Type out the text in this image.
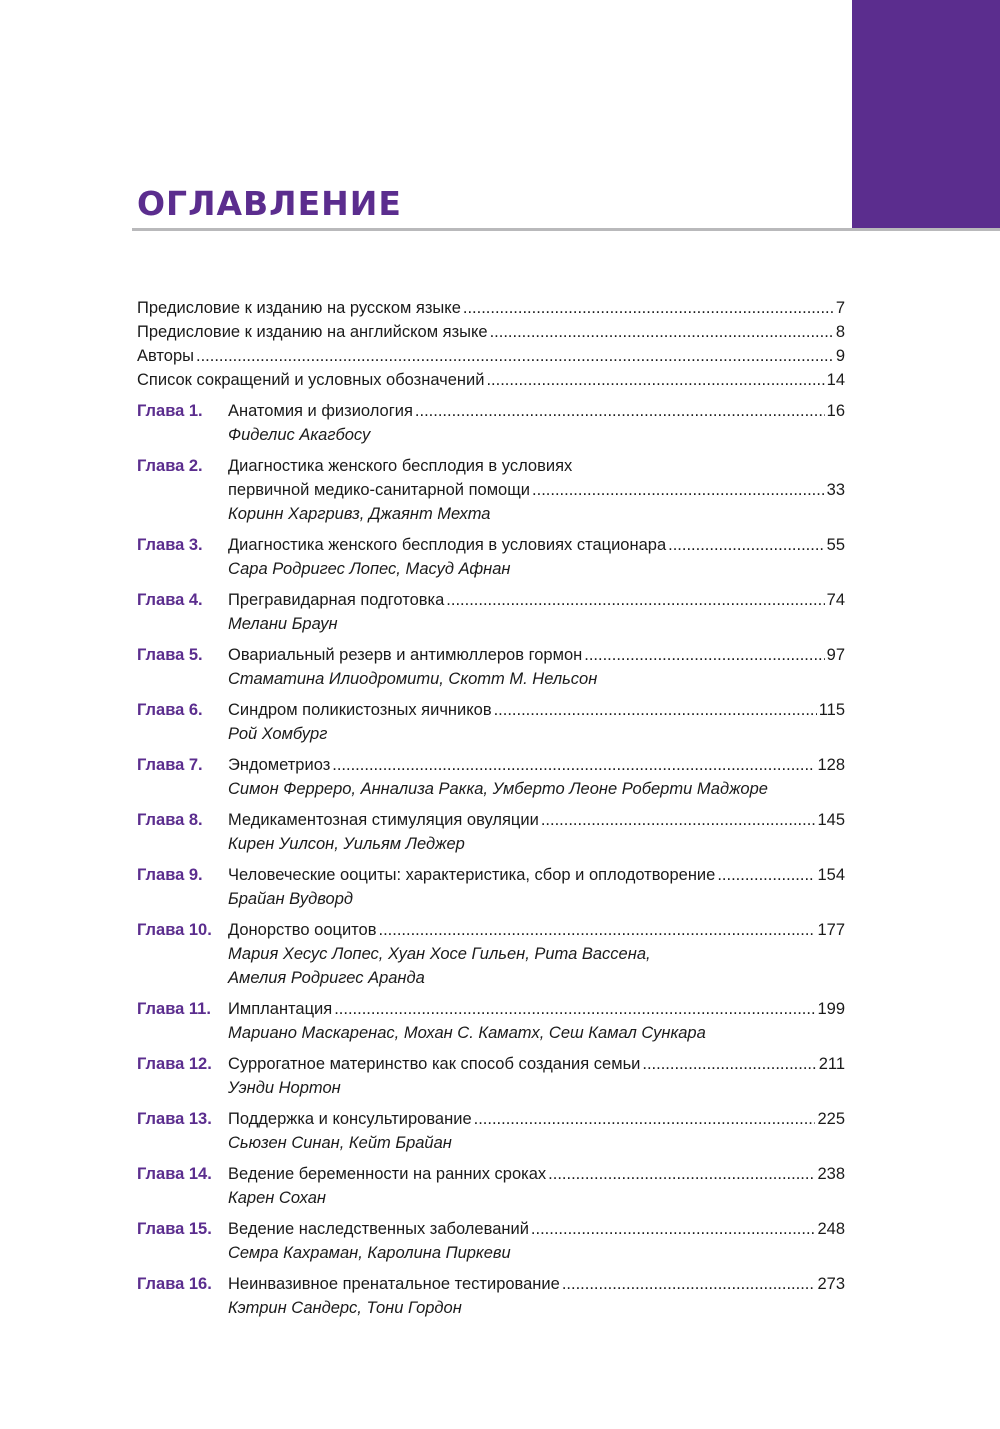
ОГЛАВЛЕНИЕ
Предисловие к изданию на русском языке .....	7
Предисловие к изданию на английском языке .....	8
Авторы .....	9
Список сокращений и условных обозначений .....	14
Глава 1.	Анатомия и физиология .....	16
Фиделис Акагбосу
Глава 2.	Диагностика женского бесплодия в условиях
первичной медико-санитарной помощи .....	33
Коринн Харгривз, Джаянт Мехта
Глава 3.	Диагностика женского бесплодия в условиях стационара .....	55
Сара Родригес Лопес, Масуд Афнан
Глава 4.	Прегравидарная подготовка .....	74
Мелани Браун
Глава 5.	Овариальный резерв и антимюллеров гормон .....	97
Стаматина Илиодромити, Скотт М. Нельсон
Глава 6.	Синдром поликистозных яичников .....	115
Рой Хомбург
Глава 7.	Эндометриоз .....	128
Симон Ферреро, Аннализа Ракка, Умберто Леоне Роберти Маджоре
Глава 8.	Медикаментозная стимуляция овуляции .....	145
Кирен Уилсон, Уильям Леджер
Глава 9.	Человеческие ооциты: характеристика, сбор и оплодотворение .....	154
Брайан Вудворд
Глава 10. Донорство ооцитов .....	177
Мария Хесус Лопес, Хуан Хосе Гильен, Рита Вассена,
Амелия Родригес Аранда
Глава 11.	Имплантация .....	199
Мариано Маскаренас, Мохан С. Каматх, Сеш Камал Сункара
Глава 12. Суррогатное материнство как способ создания семьи .....	211
Уэнди Нортон
Глава 13. Поддержка и консультирование .....	225
Сьюзен Синан, Кейт Брайан
Глава 14. Ведение беременности на ранних сроках .....	238
Карен Сохан
Глава 15. Ведение наследственных заболеваний .....	248
Семра Кахраман, Каролина Пиркеви
Глава 16. Неинвазивное пренатальное тестирование .....	273
Кэтрин Сандерс, Тони Гордон
